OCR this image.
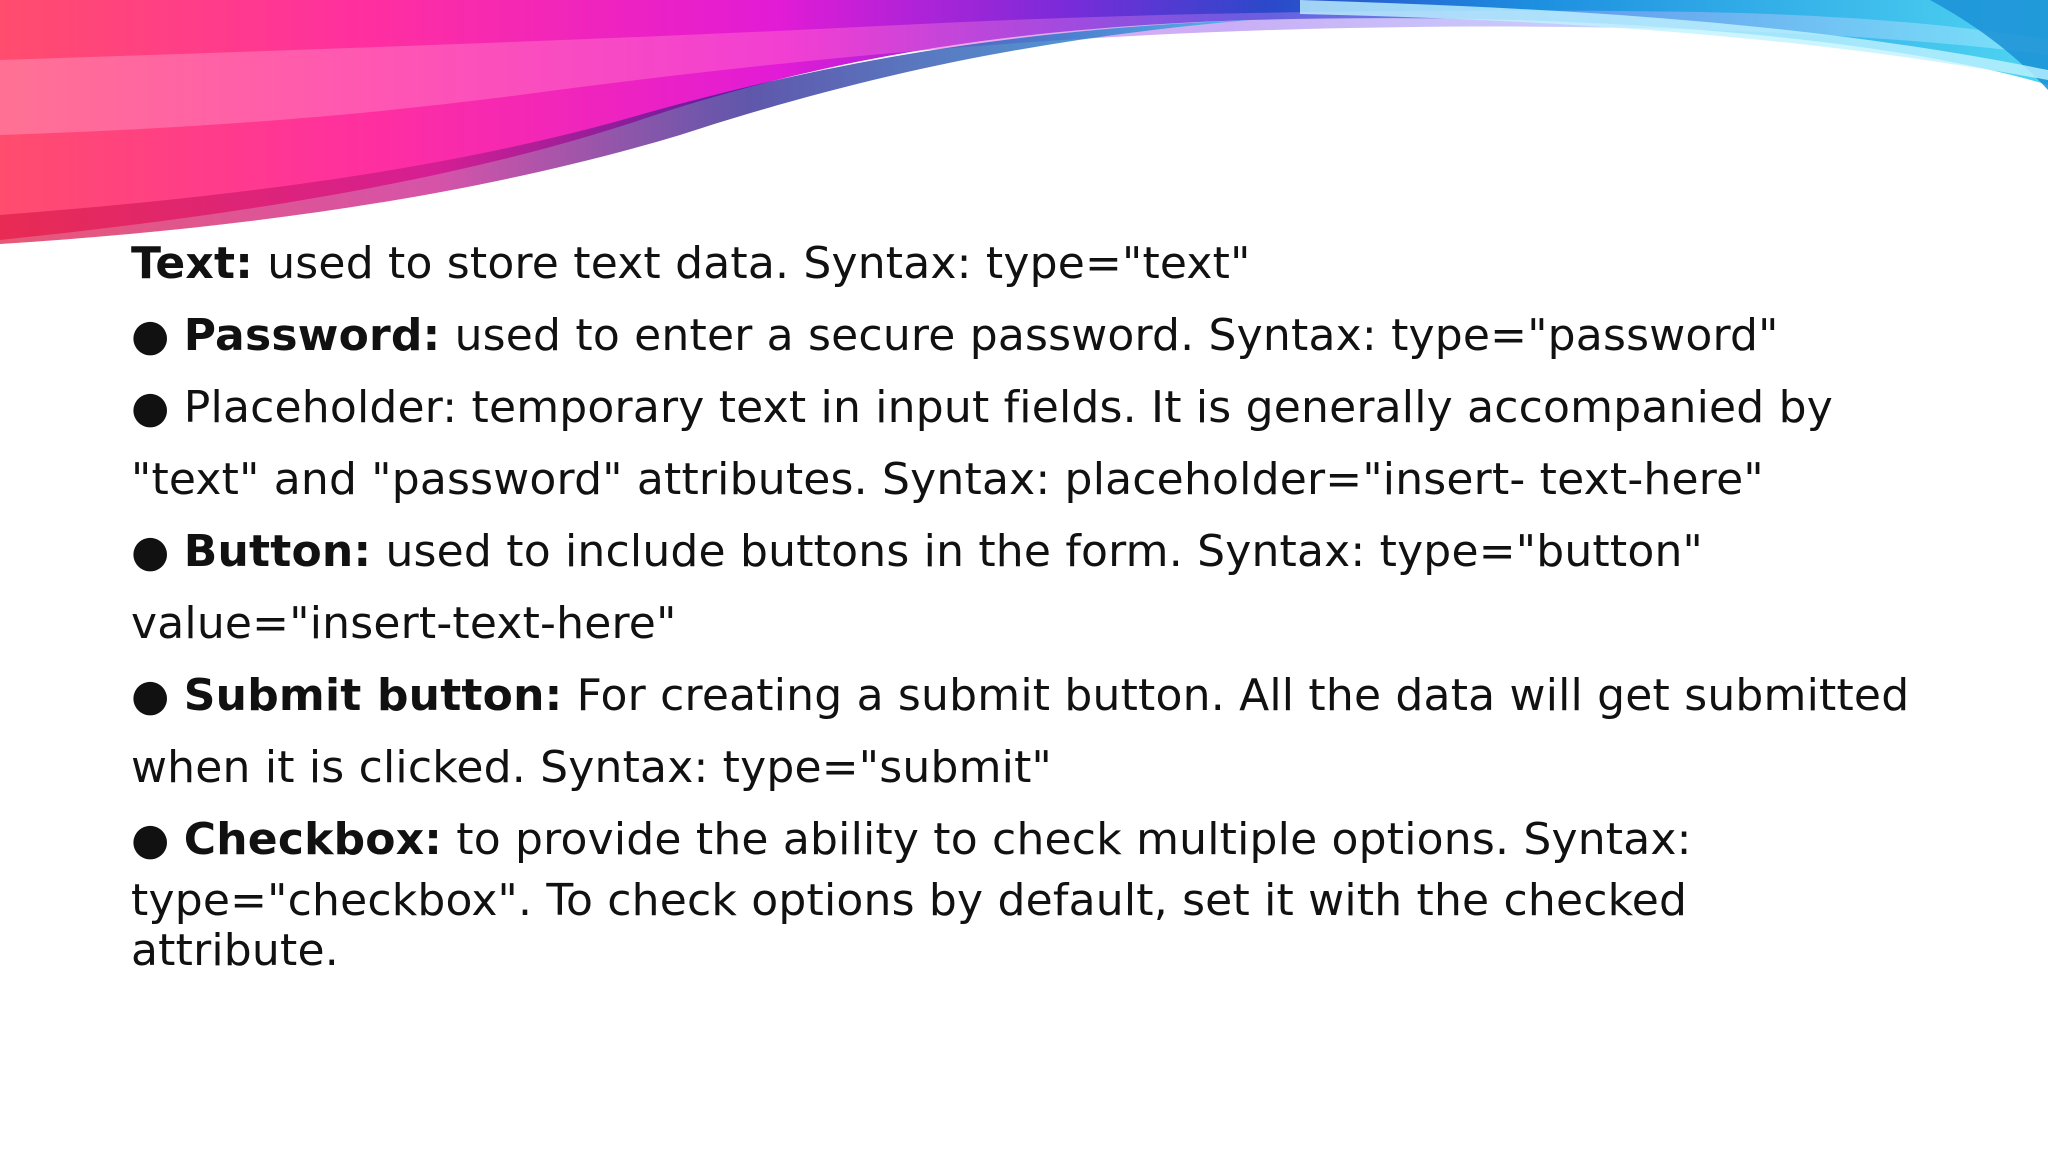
Text: used to store text data. Syntax: type="text"
● Password: used to enter a secure password. Syntax: type="password"
● Placeholder: temporary text in input fields. It is generally accompanied by
"text" and "password" attributes. Syntax: placeholder="insert- text-here"
● Button: used to include buttons in the form. Syntax: type="button"
value="insert-text-here"
● Submit button: For creating a submit button. All the data will get submitted
when it is clicked. Syntax: type="submit"
● Checkbox: to provide the ability to check multiple options. Syntax:
type="checkbox". To check options by default, set it with the checked
attribute.
